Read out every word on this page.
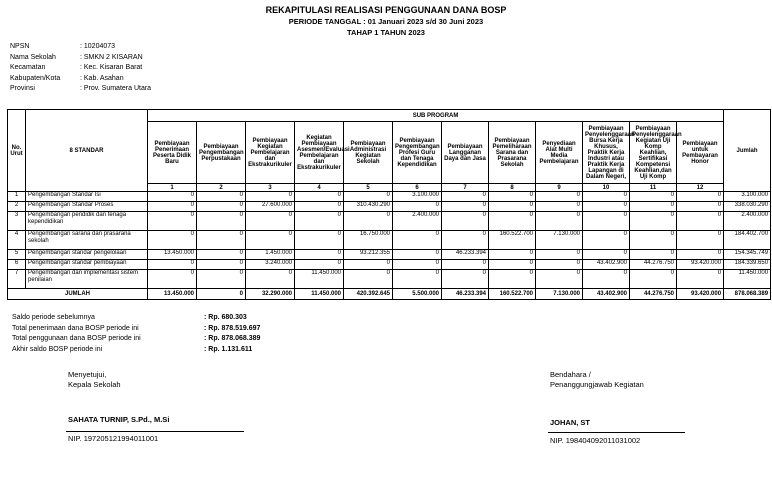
REKAPITULASI REALISASI PENGGUNAAN DANA BOSP
PERIODE TANGGAL : 01 Januari 2023 s/d 30 Juni 2023
TAHAP 1 TAHUN 2023
NPSN	: 10204073
Nama Sekolah	: SMKN 2 KISARAN
Kecamatan	: Kec. Kisaran Barat
Kabupaten/Kota	: Kab. Asahan
Provinsi	: Prov. Sumatera Utara
No. Urut	8 STANDAR	SUB PROGRAM												Jumlah
		Pembiayaan Penerimaan Peserta Didik Baru	Pembiayaan Pengembangan Perpustakaan	Pembiayaan Kegiatan Pembelajaran dan Ekstrakurikuler	Kegiatan Pembiayaan Asesmen/Evaluasi Pembelajaran dan Ekstrakurikuler	Pembiayaan Administrasi Kegiatan Sekolah	Pembiayaan Pengembangan Profesi Guru dan Tenaga Kependidikan	Pembiayaan Langganan Daya dan Jasa	Pembiayaan Pemeliharaan Sarana dan Prasarana Sekolah	Penyediaan Alat Multi Media Pembelajaran	Pembiayaan Penyelenggaraan Bursa Kerja Khusus, Praktik Kerja Industri atau Praktik Kerja Lapangan di Dalam Negeri,	Pembiayaan Penyelenggaraan Kegiatan Uji Komp Keahlian, Sertifikasi Kompetensi Keahlian,dan Uji Komp	Pembiayaan untuk Pembayaran Honor	
		1	2	3	4	5	6	7	8	9	10	11	12	
1	Pengembangan Standar Isi	0	0	0	0	0	3.100.000	0	0	0	0	0	0	3.100.000
2	Pengembangan Standar Proses	0	0	27.600.000	0	310.430.290	0	0	0	0	0	0	0	338.030.290
3	Pengembangan pendidik dan tenaga kependidikan	0	0	0	0	0	2.400.000	0	0	0	0	0	0	2.400.000
4	Pengembangan sarana dan prasarana sekolah	0	0	0	0	16.750.000	0	0	160.522.700	7.130.000	0	0	0	184.402.700
5	Pengembangan standar pengelolaan	13.450.000	0	1.450.000	0	93.212.355	0	46.233.394	0	0	0	0	0	154.345.749
6	Pengembangan standar pembiayaan	0	0	3.240.000	0	0	0	0	0	0	43.402.900	44.276.750	93.420.000	184.339.650
7	Pengembangan dan implementasi sistem penilaian	0	0	0	11.450.000	0	0	0	0	0	0	0	0	11.450.000
JUMLAH		13.450.000	0	32.290.000	11.450.000	420.392.645	5.500.000	46.233.394	160.522.700	7.130.000	43.402.900	44.276.750	93.420.000	878.068.389
Saldo periode sebelumnya	: Rp. 680.303
Total penerimaan dana BOSP periode ini	: Rp. 878.519.697
Total penggunaan dana BOSP periode ini	: Rp. 878.068.389
Akhir saldo BOSP periode ini	: Rp. 1.131.611
Menyetujui,
Kepala Sekolah
SAHATA TURNIP, S.Pd., M.Si
NIP. 197205121994011001
Bendahara /
Penanggungjawab Kegiatan
JOHAN, ST
NIP. 198404092011031002
